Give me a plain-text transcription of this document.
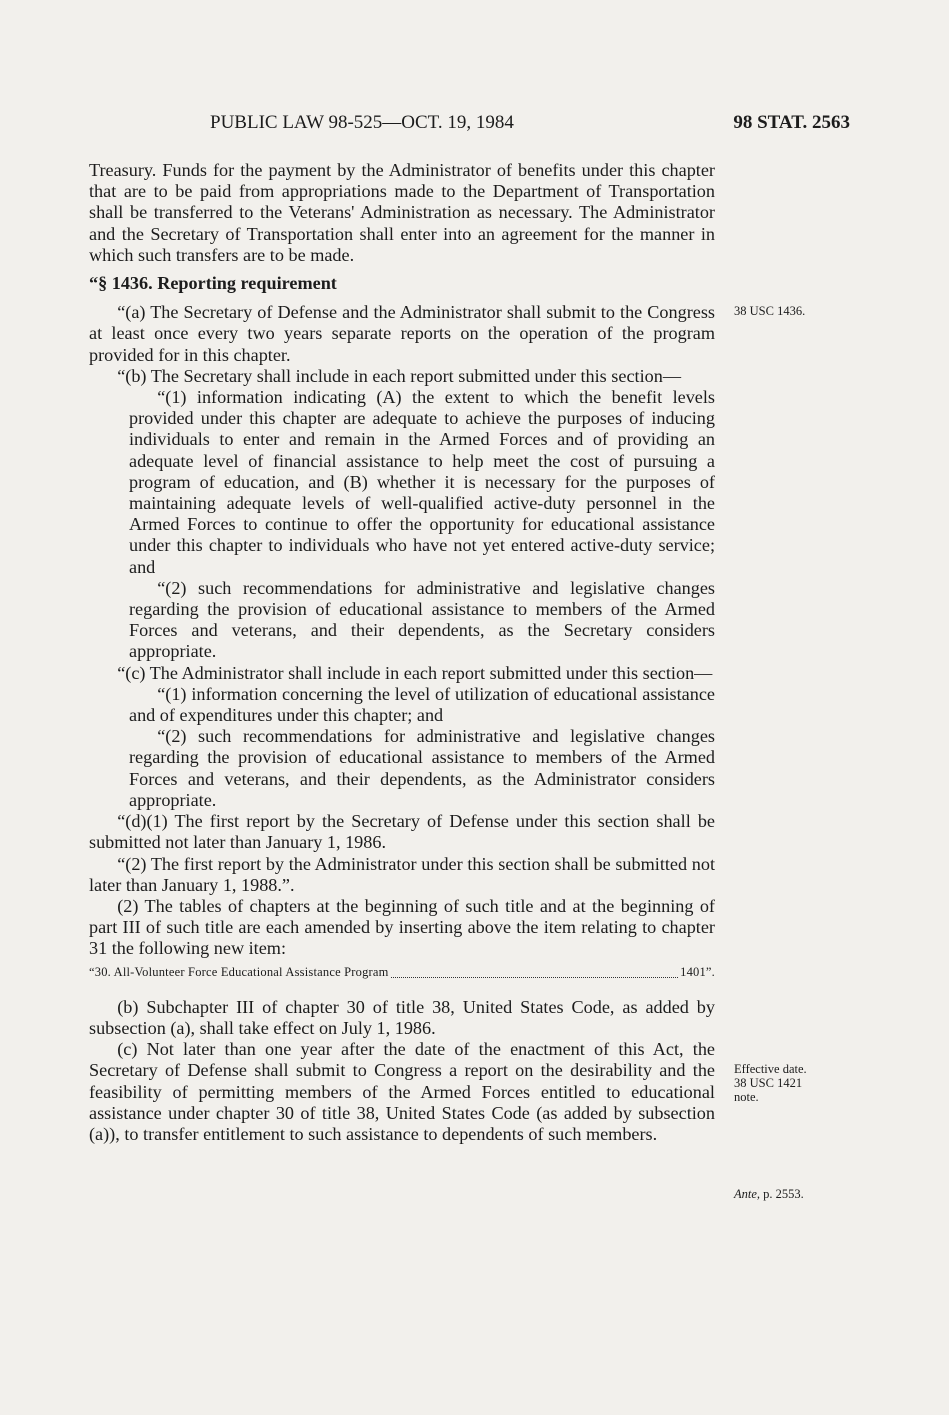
PUBLIC LAW 98-525—OCT. 19, 1984	98 STAT. 2563

Treasury. Funds for the payment by the Administrator of benefits under this chapter that are to be paid from appropriations made to the Department of Transportation shall be transferred to the Veterans' Administration as necessary. The Administrator and the Secretary of Transportation shall enter into an agreement for the manner in which such transfers are to be made.

“§ 1436. Reporting requirement

“(a) The Secretary of Defense and the Administrator shall submit to the Congress at least once every two years separate reports on the operation of the program provided for in this chapter.

“(b) The Secretary shall include in each report submitted under this section—

“(1) information indicating (A) the extent to which the benefit levels provided under this chapter are adequate to achieve the purposes of inducing individuals to enter and remain in the Armed Forces and of providing an adequate level of financial assistance to help meet the cost of pursuing a program of education, and (B) whether it is necessary for the purposes of maintaining adequate levels of well-qualified active-duty personnel in the Armed Forces to continue to offer the opportunity for educational assistance under this chapter to individuals who have not yet entered active-duty service; and

“(2) such recommendations for administrative and legislative changes regarding the provision of educational assistance to members of the Armed Forces and veterans, and their dependents, as the Secretary considers appropriate.

“(c) The Administrator shall include in each report submitted under this section—

“(1) information concerning the level of utilization of educational assistance and of expenditures under this chapter; and

“(2) such recommendations for administrative and legislative changes regarding the provision of educational assistance to members of the Armed Forces and veterans, and their dependents, as the Administrator considers appropriate.

“(d)(1) The first report by the Secretary of Defense under this section shall be submitted not later than January 1, 1986.

“(2) The first report by the Administrator under this section shall be submitted not later than January 1, 1988.”.

(2) The tables of chapters at the beginning of such title and at the beginning of part III of such title are each amended by inserting above the item relating to chapter 31 the following new item:

“30. All-Volunteer Force Educational Assistance Program	1401”.

(b) Subchapter III of chapter 30 of title 38, United States Code, as added by subsection (a), shall take effect on July 1, 1986.

(c) Not later than one year after the date of the enactment of this Act, the Secretary of Defense shall submit to Congress a report on the desirability and the feasibility of permitting members of the Armed Forces entitled to educational assistance under chapter 30 of title 38, United States Code (as added by subsection (a)), to transfer entitlement to such assistance to dependents of such members.

38 USC 1436.
Effective date.
38 USC 1421
note.
Ante, p. 2553.
